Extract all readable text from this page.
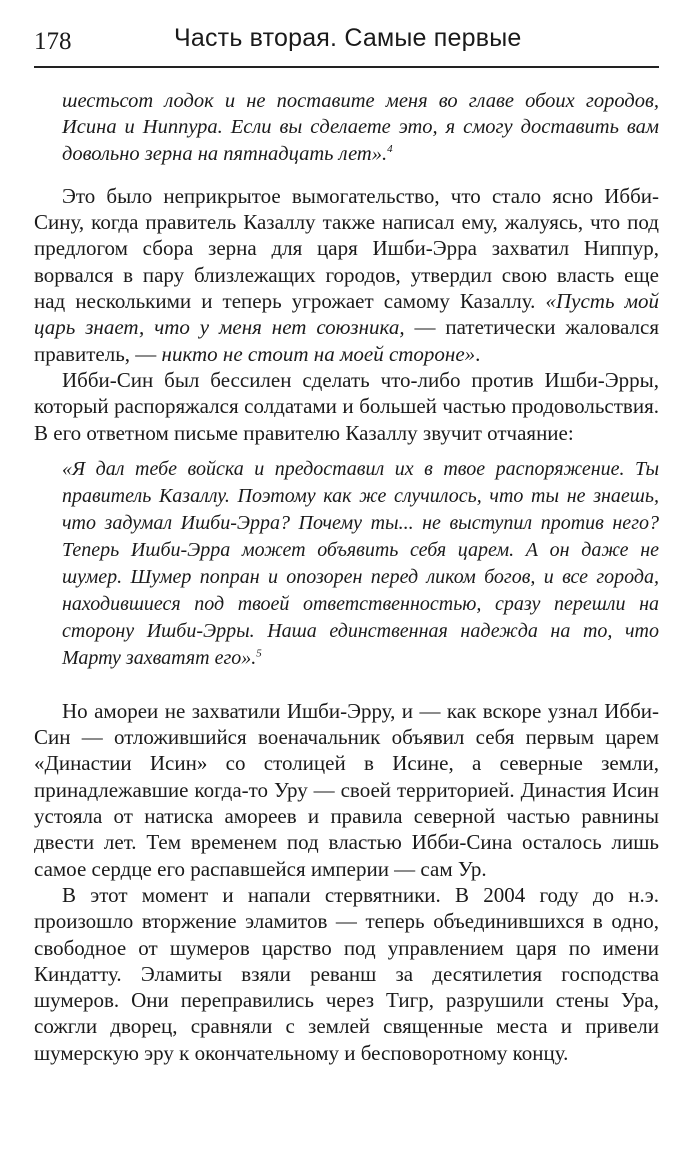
178	Часть вторая. Самые первые

шестьсот лодок и не поставите меня во главе обоих городов, Исина и Ниппура. Если вы сделаете это, я смогу доставить вам довольно зерна на пятнадцать лет».$^4$

Это было неприкрытое вымогательство, что стало ясно Ибби-Сину, когда правитель Казаллу также написал ему, жалуясь, что под предлогом сбора зерна для царя Ишби-Эрра захватил Ниппур, ворвался в пару близлежащих городов, утвердил свою власть еще над несколькими и теперь угрожает самому Казаллу. «Пусть мой царь знает, что у меня нет союзника, — патетически жаловался правитель, — никто не стоит на моей стороне».

Ибби-Син был бессилен сделать что-либо против Ишби-Эрры, который распоряжался солдатами и большей частью продовольствия. В его ответном письме правителю Казаллу звучит отчаяние:

«Я дал тебе войска и предоставил их в твое распоряжение. Ты правитель Казаллу. Поэтому как же случилось, что ты не знаешь, что задумал Ишби-Эрра? Почему ты... не выступил против него? Теперь Ишби-Эрра может объявить себя царем. А он даже не шумер. Шумер попран и опозорен перед ликом богов, и все города, находившиеся под твоей ответственностью, сразу перешли на сторону Ишби-Эрры. Наша единственная надежда на то, что Марту захватят его».$^5$

Но амореи не захватили Ишби-Эрру, и — как вскоре узнал Ибби-Син — отложившийся военачальник объявил себя первым царем «Династии Исин» со столицей в Исине, а северные земли, принадлежавшие когда-то Уру — своей территорией. Династия Исин устояла от натиска амореев и правила северной частью равнины двести лет. Тем временем под властью Ибби-Сина осталось лишь самое сердце его распавшейся империи — сам Ур.

В этот момент и напали стервятники. В 2004 году до н.э. произошло вторжение эламитов — теперь объединившихся в одно, свободное от шумеров царство под управлением царя по имени Киндатту. Эламиты взяли реванш за десятилетия господства шумеров. Они переправились через Тигр, разрушили стены Ура, сожгли дворец, сравняли с землей священные места и привели шумерскую эру к окончательному и бесповоротному концу.
